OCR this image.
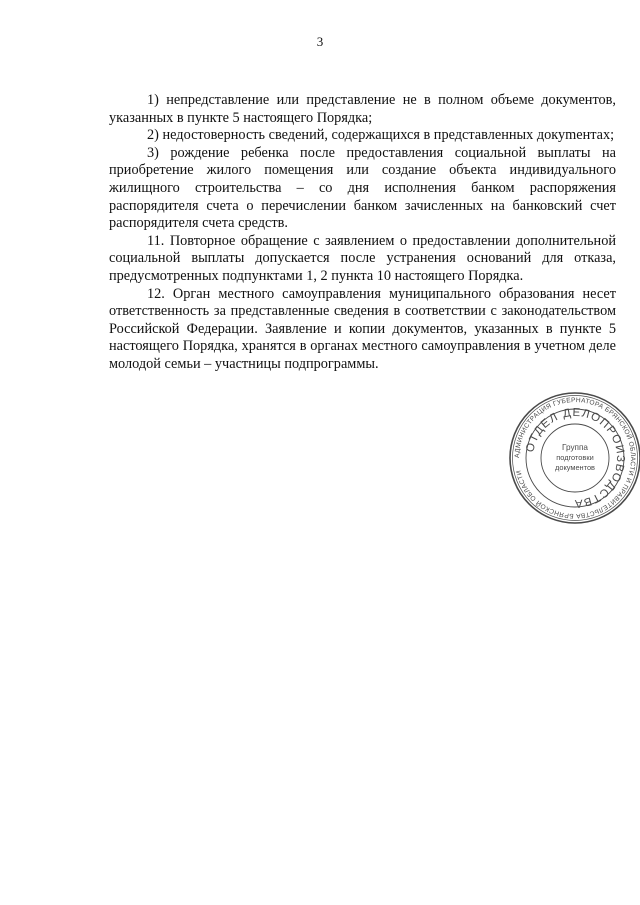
3

1) непредставление или представление не в полном объеме документов, указанных в пункте 5 настоящего Порядка;

2) недостоверность сведений, содержащихся в представленных докуmентах;

3) рождение ребенка после предоставления социальной выплаты на приобретение жилого помещения или создание объекта индивидуального жилищного строительства – со дня исполнения банком распоряжения распорядителя счета о перечислении банком зачисленных на банковский счет распорядителя счета средств.

11. Повторное обращение с заявлением о предоставлении дополнительной социальной выплаты допускается после устранения оснований для отказа, предусмотренных подпунктами 1, 2 пункта 10 настоящего Порядка.

12. Орган местного самоуправления муниципального образования несет ответственность за представленные сведения в соответствии с законодательством Российской Федерации. Заявление и копии документов, указанных в пункте 5 настоящего Порядка, хранятся в органах местного самоуправления в учетном деле молодой семьи – участницы подпрограммы.

АДМИНИСТРАЦИЯ ГУБЕРНАТОРА БРЯНСКОЙ ОБЛАСТИ И ПРАВИТЕЛЬСТВА БРЯНСКОЙ ОБЛАСТИ
ОТДЕЛ ДЕЛОПРОИЗВОДСТВА
Группа
подготовки
документов
